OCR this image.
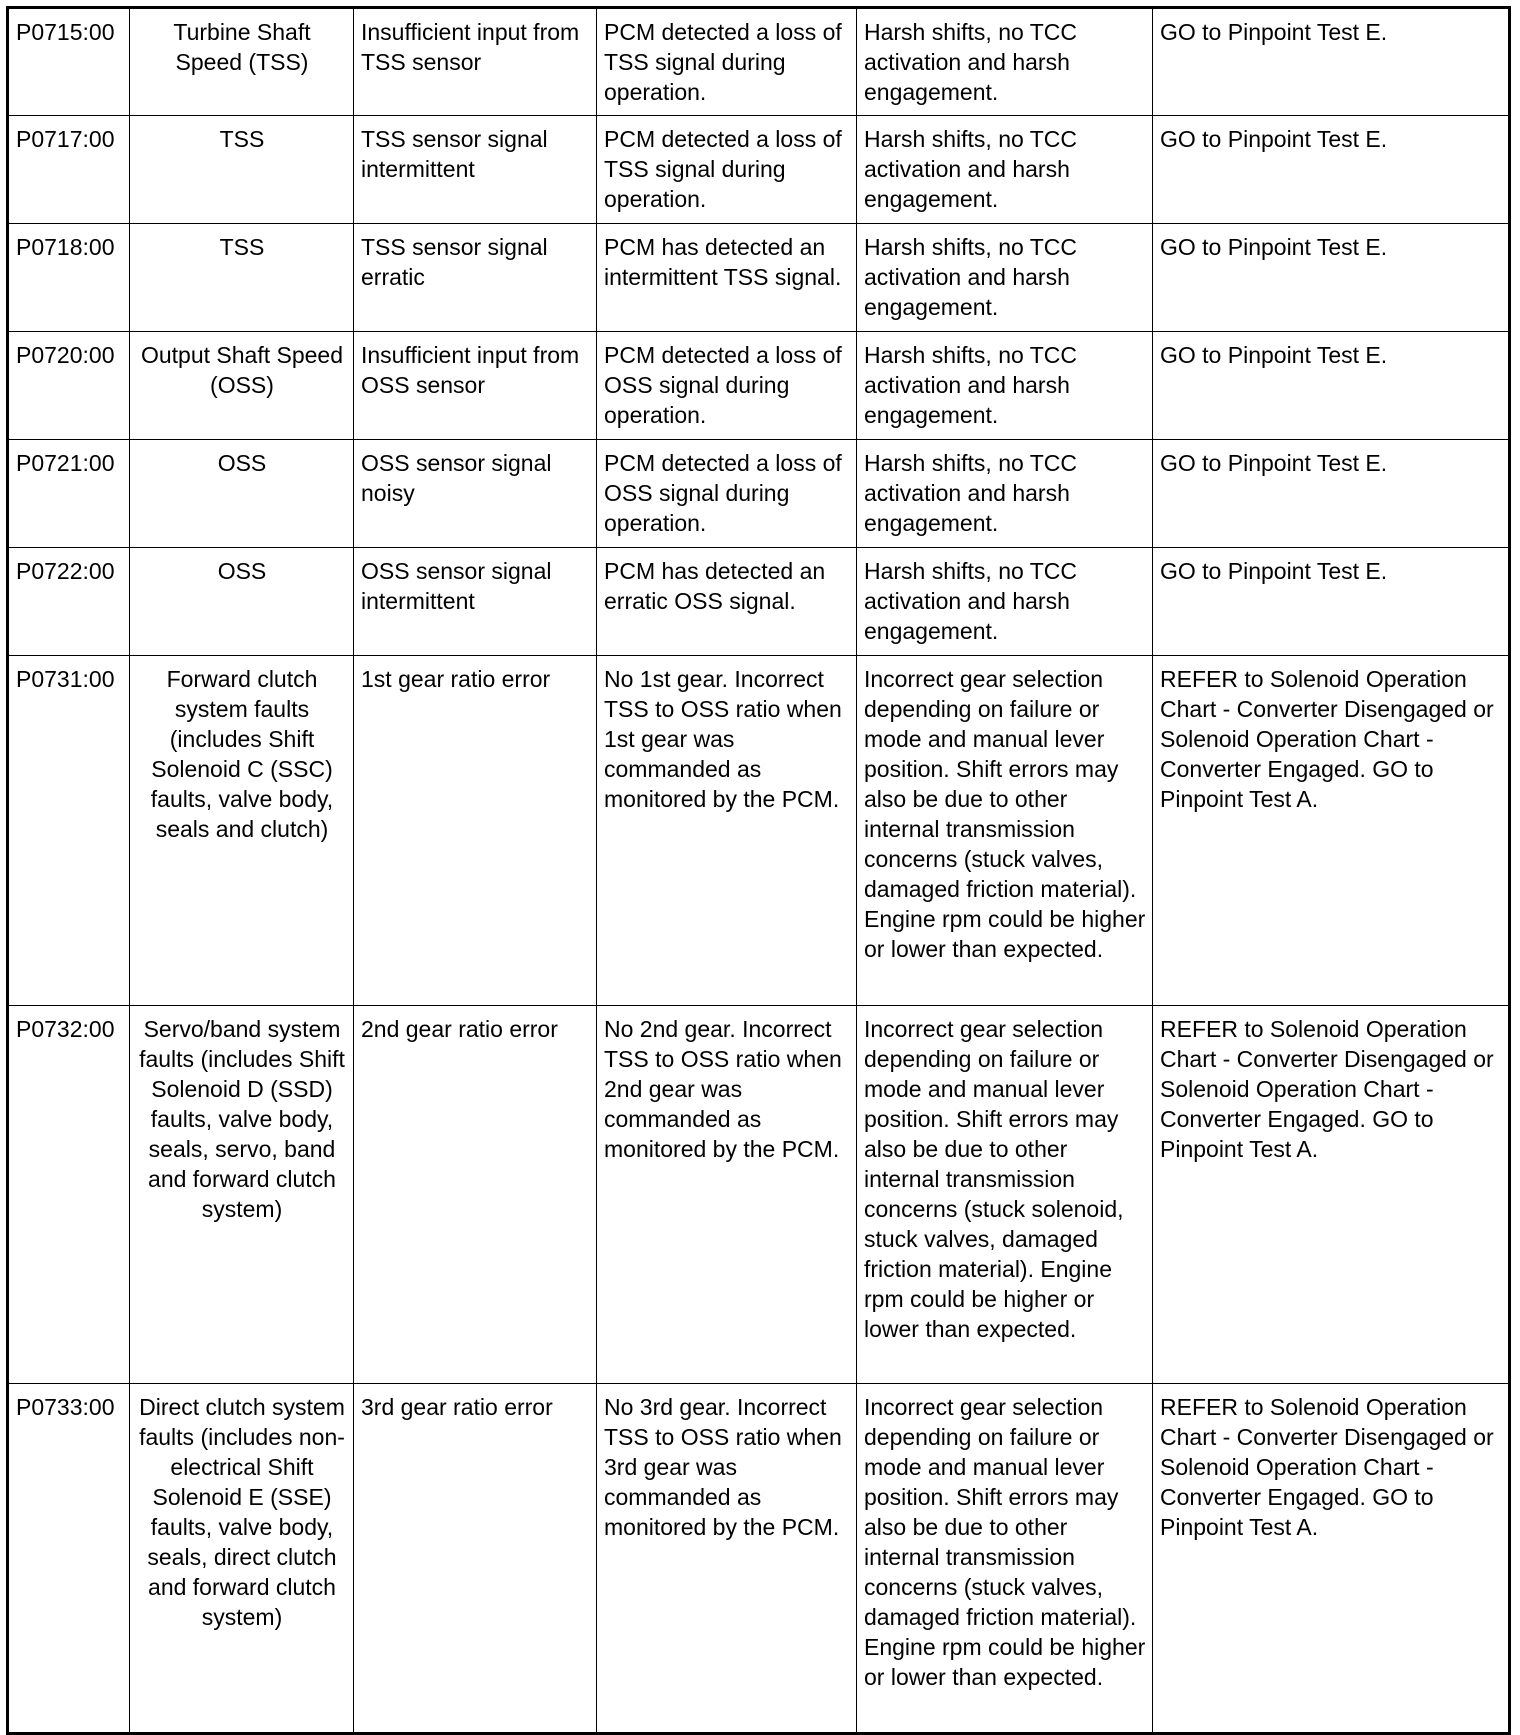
P0715:00	Turbine Shaft Speed (TSS)	Insufficient input from TSS sensor	PCM detected a loss of TSS signal during operation.	Harsh shifts, no TCC activation and harsh engagement.	GO to Pinpoint Test E.
P0717:00	TSS	TSS sensor signal intermittent	PCM detected a loss of TSS signal during operation.	Harsh shifts, no TCC activation and harsh engagement.	GO to Pinpoint Test E.
P0718:00	TSS	TSS sensor signal erratic	PCM has detected an intermittent TSS signal.	Harsh shifts, no TCC activation and harsh engagement.	GO to Pinpoint Test E.
P0720:00	Output Shaft Speed (OSS)	Insufficient input from OSS sensor	PCM detected a loss of OSS signal during operation.	Harsh shifts, no TCC activation and harsh engagement.	GO to Pinpoint Test E.
P0721:00	OSS	OSS sensor signal noisy	PCM detected a loss of OSS signal during operation.	Harsh shifts, no TCC activation and harsh engagement.	GO to Pinpoint Test E.
P0722:00	OSS	OSS sensor signal intermittent	PCM has detected an erratic OSS signal.	Harsh shifts, no TCC activation and harsh engagement.	GO to Pinpoint Test E.
P0731:00	Forward clutch system faults (includes Shift Solenoid C (SSC) faults, valve body, seals and clutch)	1st gear ratio error	No 1st gear. Incorrect TSS to OSS ratio when 1st gear was commanded as monitored by the PCM.	Incorrect gear selection depending on failure or mode and manual lever position. Shift errors may also be due to other internal transmission concerns (stuck valves, damaged friction material). Engine rpm could be higher or lower than expected.	REFER to Solenoid Operation Chart - Converter Disengaged or Solenoid Operation Chart - Converter Engaged. GO to Pinpoint Test A.
P0732:00	Servo/band system faults (includes Shift Solenoid D (SSD) faults, valve body, seals, servo, band and forward clutch system)	2nd gear ratio error	No 2nd gear. Incorrect TSS to OSS ratio when 2nd gear was commanded as monitored by the PCM.	Incorrect gear selection depending on failure or mode and manual lever position. Shift errors may also be due to other internal transmission concerns (stuck solenoid, stuck valves, damaged friction material). Engine rpm could be higher or lower than expected.	REFER to Solenoid Operation Chart - Converter Disengaged or Solenoid Operation Chart - Converter Engaged. GO to Pinpoint Test A.
P0733:00	Direct clutch system faults (includes non-electrical Shift Solenoid E (SSE) faults, valve body, seals, direct clutch and forward clutch system)	3rd gear ratio error	No 3rd gear. Incorrect TSS to OSS ratio when 3rd gear was commanded as monitored by the PCM.	Incorrect gear selection depending on failure or mode and manual lever position. Shift errors may also be due to other internal transmission concerns (stuck valves, damaged friction material). Engine rpm could be higher or lower than expected.	REFER to Solenoid Operation Chart - Converter Disengaged or Solenoid Operation Chart - Converter Engaged. GO to Pinpoint Test A.
